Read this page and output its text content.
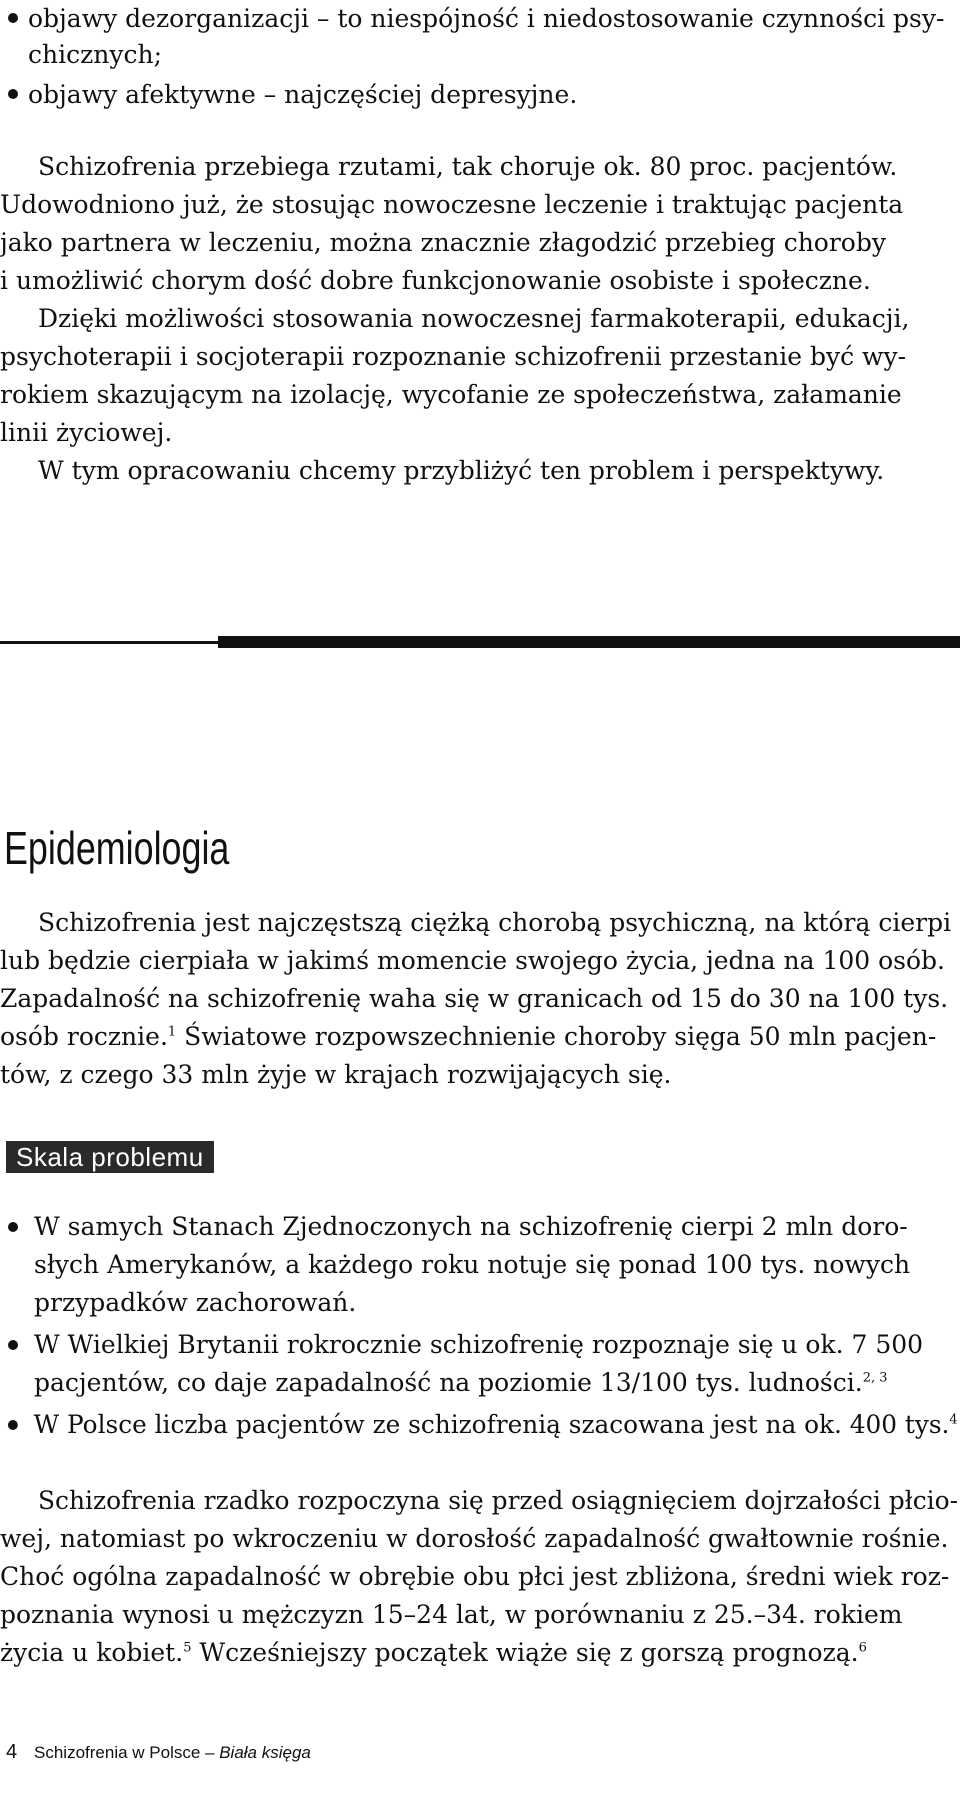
objawy dezorganizacji – to niespójność i niedostosowanie czynności psy-
chicznych;
objawy afektywne – najczęściej depresyjne.
Schizofrenia przebiega rzutami, tak choruje ok. 80 proc. pacjentów.
Udowodniono już, że stosując nowoczesne leczenie i traktując pacjenta
jako partnera w leczeniu, można znacznie złagodzić przebieg choroby
i umożliwić chorym dość dobre funkcjonowanie osobiste i społeczne.
Dzięki możliwości stosowania nowoczesnej farmakoterapii, edukacji,
psychoterapii i socjoterapii rozpoznanie schizofrenii przestanie być wy-
rokiem skazującym na izolację, wycofanie ze społeczeństwa, załamanie
linii życiowej.
W tym opracowaniu chcemy przybliżyć ten problem i perspektywy.
Epidemiologia
Schizofrenia jest najczęstszą ciężką chorobą psychiczną, na którą cierpi
lub będzie cierpiała w jakimś momencie swojego życia, jedna na 100 osób.
Zapadalność na schizofrenię waha się w granicach od 15 do 30 na 100 tys.
osób rocznie.$^1$ Światowe rozpowszechnienie choroby sięga 50 mln pacjen-
tów, z czego 33 mln żyje w krajach rozwijających się.
Skala problemu
W samych Stanach Zjednoczonych na schizofrenię cierpi 2 mln doro-
słych Amerykanów, a każdego roku notuje się ponad 100 tys. nowych
przypadków zachorowań.
W Wielkiej Brytanii rokrocznie schizofrenię rozpoznaje się u ok. 7 500
pacjentów, co daje zapadalność na poziomie 13/100 tys. ludności.$^{2, 3}$
W Polsce liczba pacjentów ze schizofrenią szacowana jest na ok. 400 tys.$^4$
Schizofrenia rzadko rozpoczyna się przed osiągnięciem dojrzałości płcio-
wej, natomiast po wkroczeniu w dorosłość zapadalność gwałtownie rośnie.
Choć ogólna zapadalność w obrębie obu płci jest zbliżona, średni wiek roz-
poznania wynosi u mężczyzn 15–24 lat, w porównaniu z 25.–34. rokiem
życia u kobiet.$^5$ Wcześniejszy początek wiąże się z gorszą prognozą.$^6$
4 Schizofrenia w Polsce – Biała księga
